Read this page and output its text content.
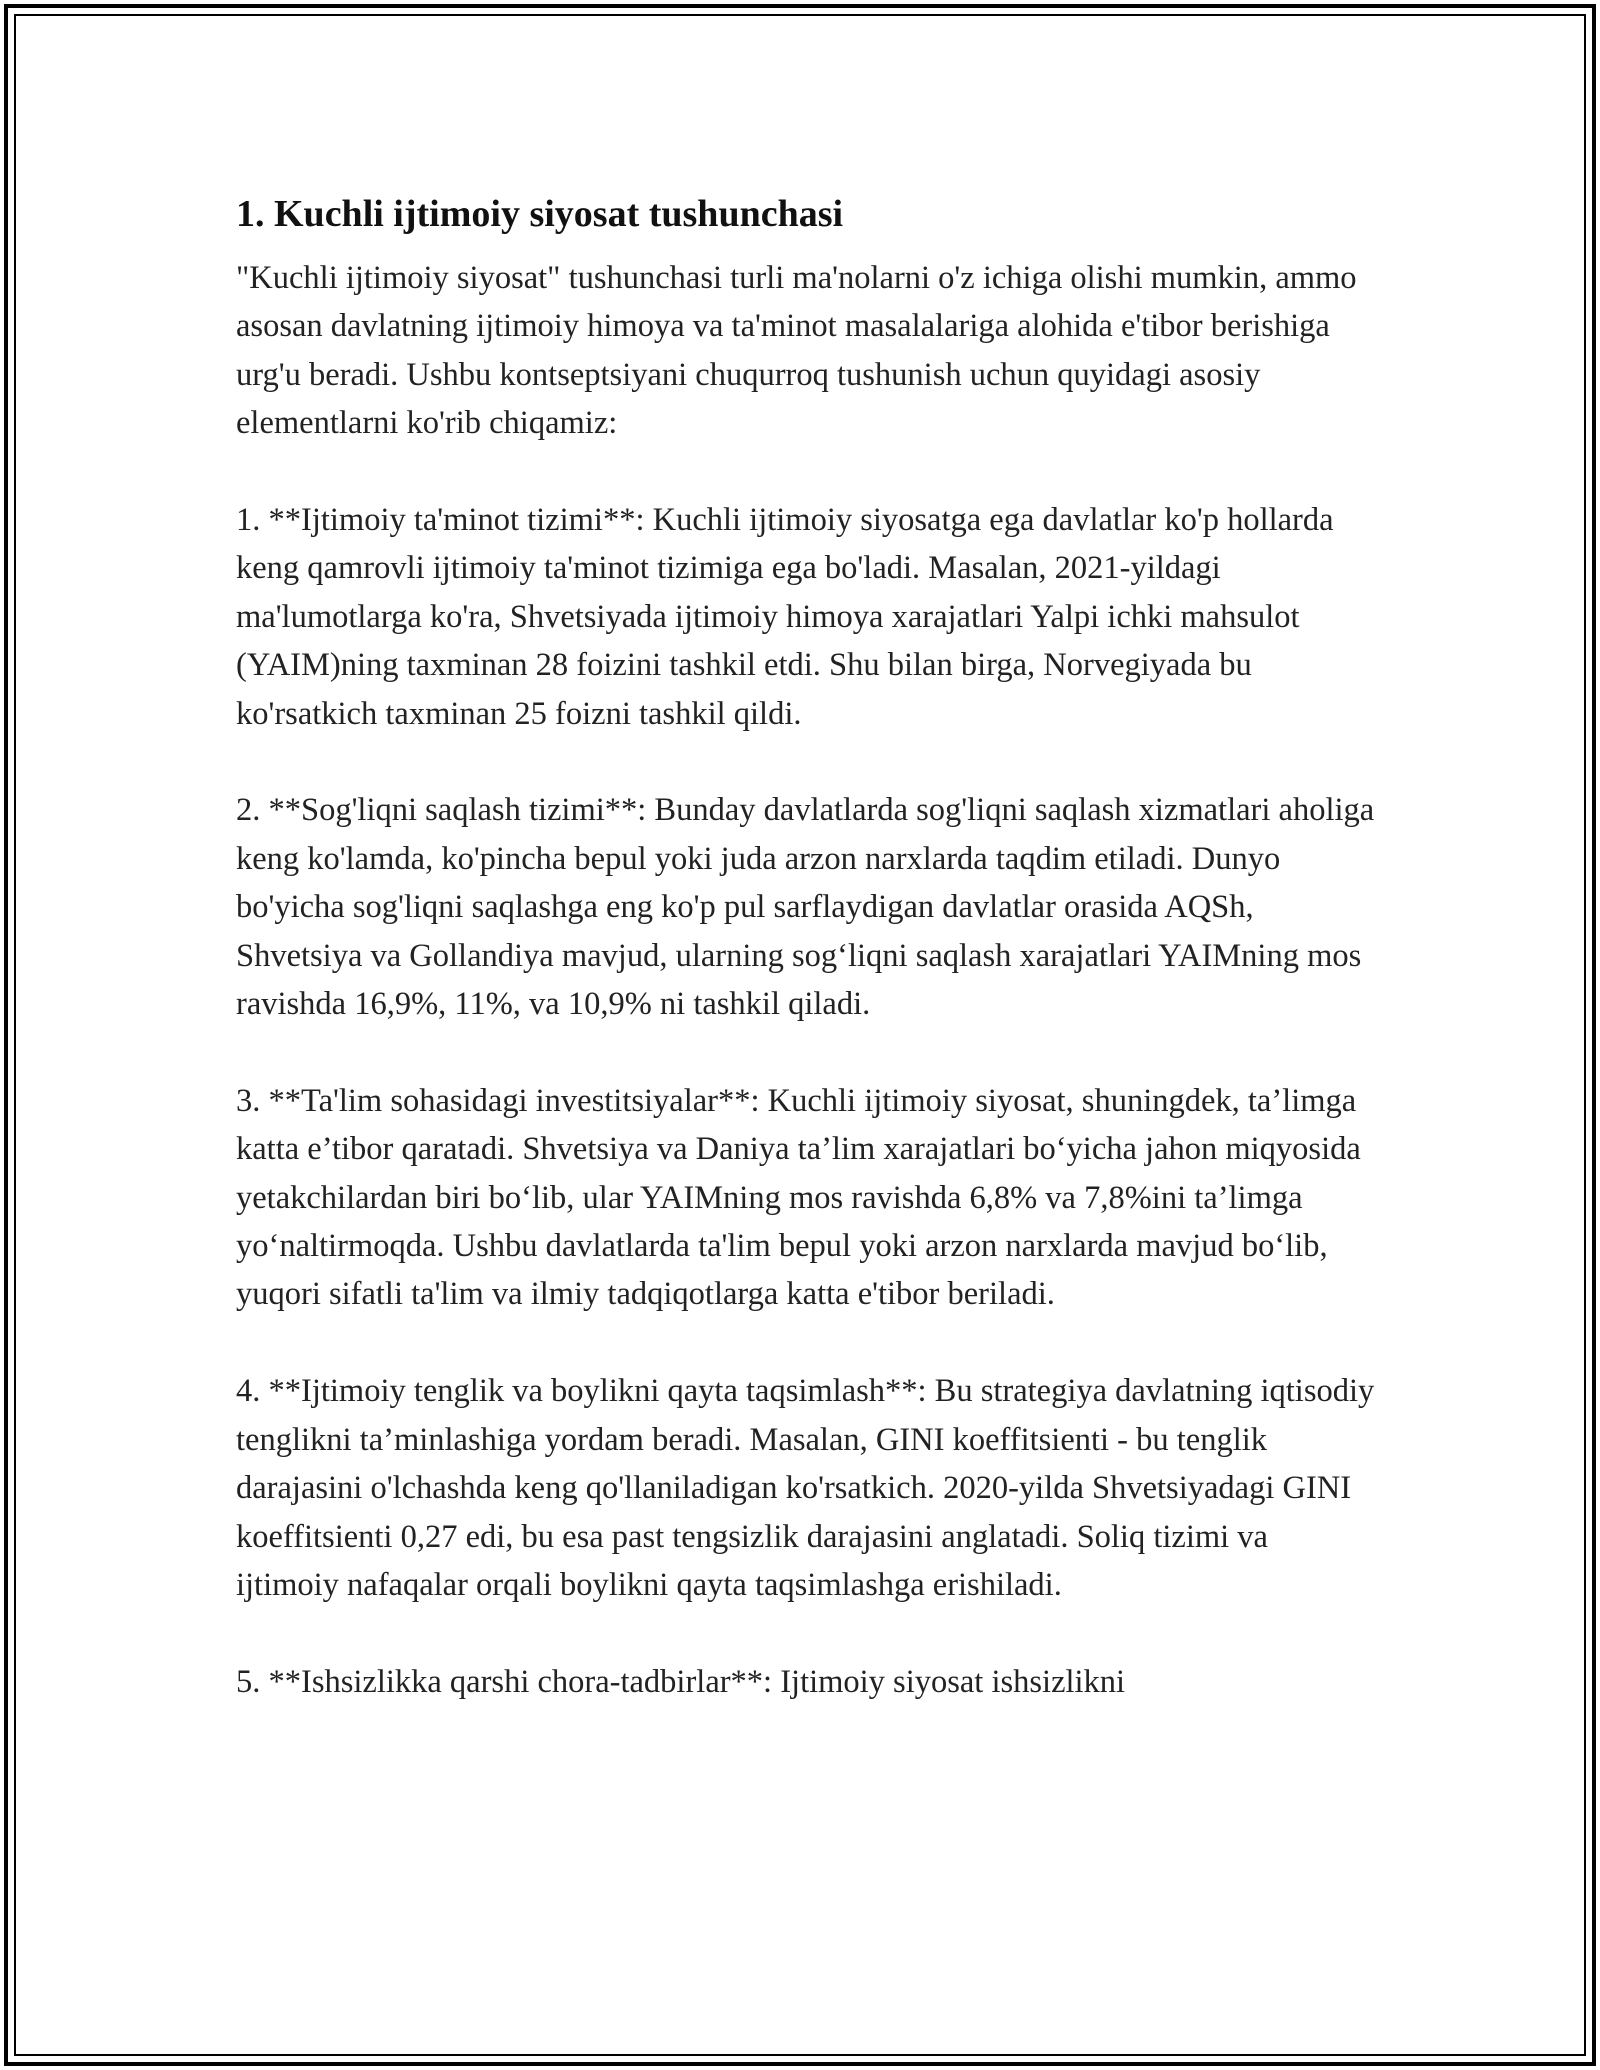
1. Kuchli ijtimoiy siyosat tushunchasi

"Kuchli ijtimoiy siyosat" tushunchasi turli ma'nolarni o'z ichiga olishi mumkin, ammo asosan davlatning ijtimoiy himoya va ta'minot masalalariga alohida e'tibor berishiga urg'u beradi. Ushbu kontseptsiyani chuqurroq tushunish uchun quyidagi asosiy elementlarni ko'rib chiqamiz:

1. **Ijtimoiy ta'minot tizimi**: Kuchli ijtimoiy siyosatga ega davlatlar ko'p hollarda keng qamrovli ijtimoiy ta'minot tizimiga ega bo'ladi. Masalan, 2021-yildagi ma'lumotlarga ko'ra, Shvetsiyada ijtimoiy himoya xarajatlari Yalpi ichki mahsulot (YAIM)ning taxminan 28 foizini tashkil etdi. Shu bilan birga, Norvegiyada bu ko'rsatkich taxminan 25 foizni tashkil qildi.

2. **Sog'liqni saqlash tizimi**: Bunday davlatlarda sog'liqni saqlash xizmatlari aholiga keng ko'lamda, ko'pincha bepul yoki juda arzon narxlarda taqdim etiladi. Dunyo bo'yicha sog'liqni saqlashga eng ko'p pul sarflaydigan davlatlar orasida AQSh, Shvetsiya va Gollandiya mavjud, ularning sog‘liqni saqlash xarajatlari YAIMning mos ravishda 16,9%, 11%, va 10,9% ni tashkil qiladi.

3. **Ta'lim sohasidagi investitsiyalar**: Kuchli ijtimoiy siyosat, shuningdek, ta’limga katta e’tibor qaratadi. Shvetsiya va Daniya ta’lim xarajatlari bo‘yicha jahon miqyosida yetakchilardan biri bo‘lib, ular YAIMning mos ravishda 6,8% va 7,8%ini ta’limga yo‘naltirmoqda. Ushbu davlatlarda ta'lim bepul yoki arzon narxlarda mavjud bo‘lib, yuqori sifatli ta'lim va ilmiy tadqiqotlarga katta e'tibor beriladi.

4. **Ijtimoiy tenglik va boylikni qayta taqsimlash**: Bu strategiya davlatning iqtisodiy tenglikni ta’minlashiga yordam beradi. Masalan, GINI koeffitsienti - bu tenglik darajasini o'lchashda keng qo'llaniladigan ko'rsatkich. 2020-yilda Shvetsiyadagi GINI koeffitsienti 0,27 edi, bu esa past tengsizlik darajasini anglatadi. Soliq tizimi va ijtimoiy nafaqalar orqali boylikni qayta taqsimlashga erishiladi.

5. **Ishsizlikka qarshi chora-tadbirlar**: Ijtimoiy siyosat ishsizlikni
